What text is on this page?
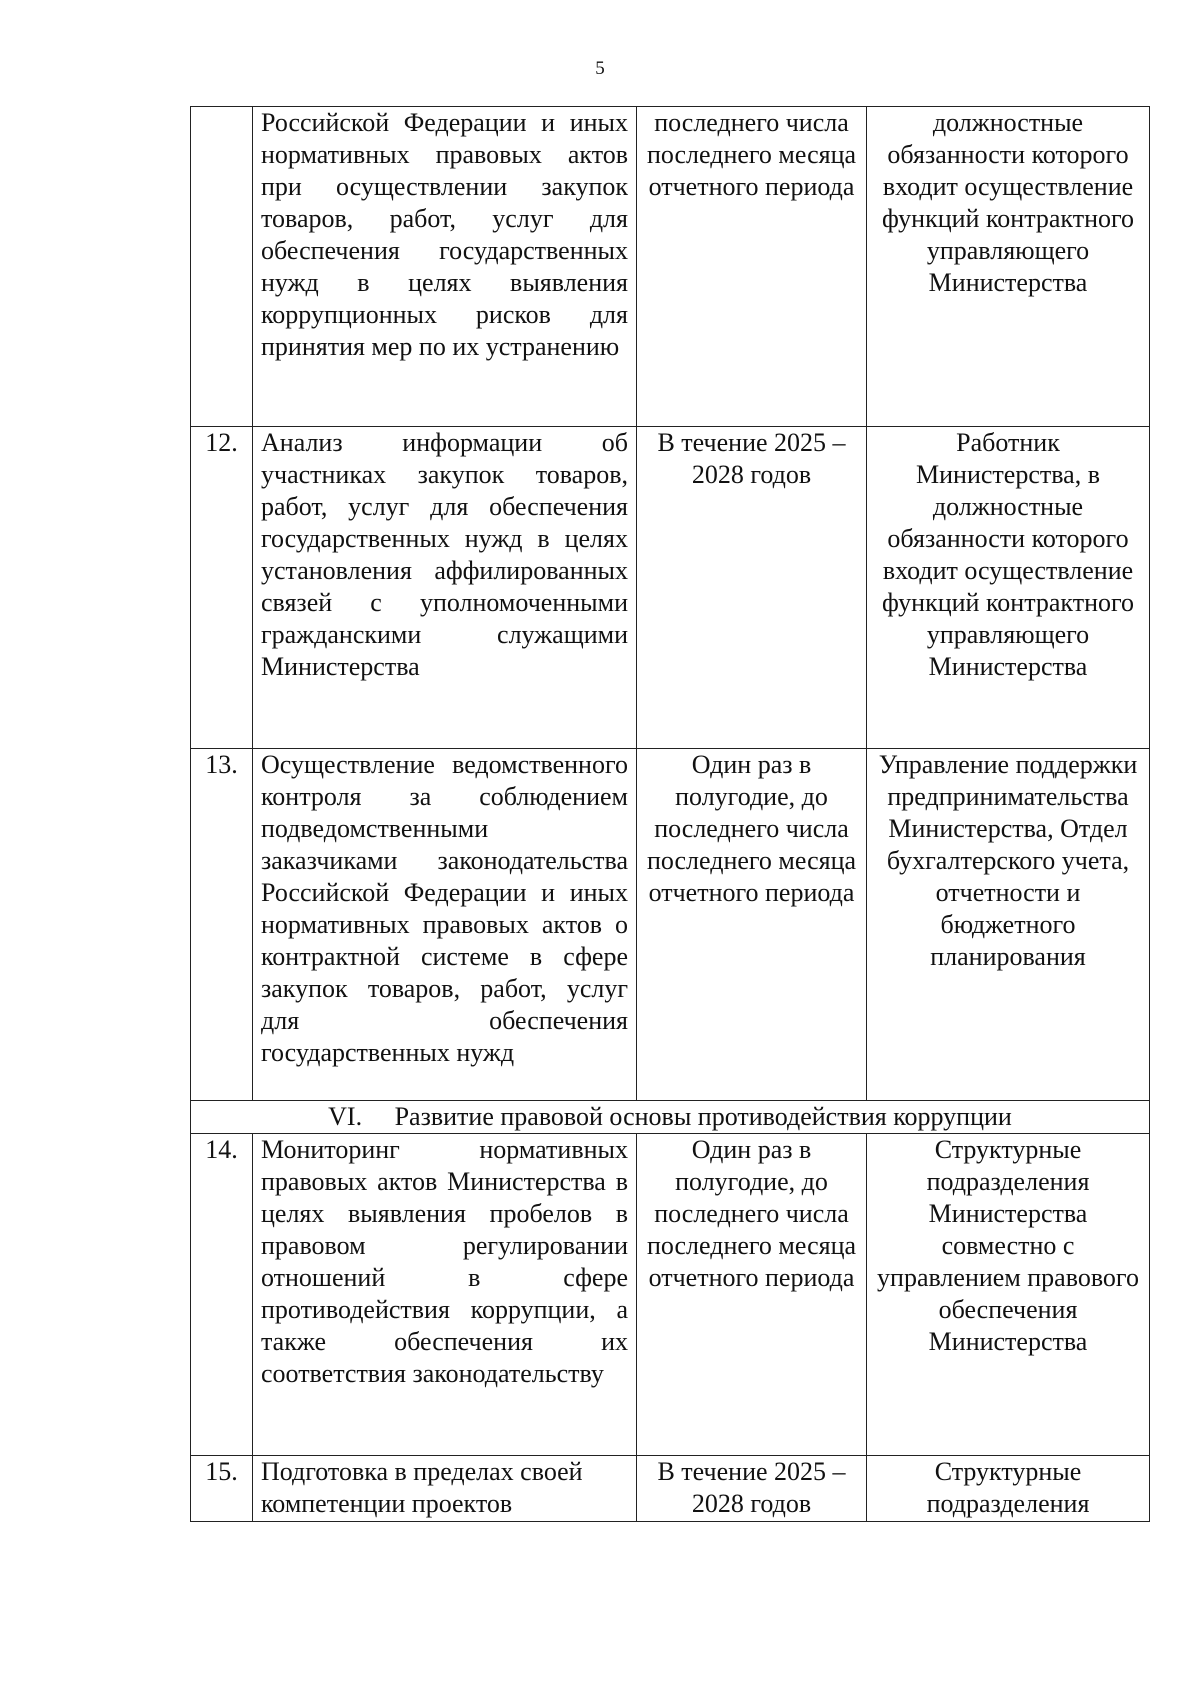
5
	Российской Федерации и иных нормативных правовых актов при осуществлении закупок товаров, работ, услуг для обеспечения государственных нужд в целях выявления коррупционных рисков для принятия мер по их устранению	последнего числа последнего месяца отчетного периода	должностные обязанности которого входит осуществление функций контрактного управляющего Министерства
12.	Анализ информации об участниках закупок товаров, работ, услуг для обеспечения государственных нужд в целях установления аффилированных связей с уполномоченными гражданскими служащими Министерства	В течение 2025 – 2028 годов	Работник Министерства, в должностные обязанности которого входит осуществление функций контрактного управляющего Министерства
13.	Осуществление ведомственного контроля за соблюдением подведомственными заказчиками законодательства Российской Федерации и иных нормативных правовых актов о контрактной системе в сфере закупок товаров, работ, услуг для обеспечения государственных нужд	Один раз в полугодие, до последнего числа последнего месяца отчетного периода	Управление поддержки предпринимательства Министерства, Отдел бухгалтерского учета, отчетности и бюджетного планирования
VI. Развитие правовой основы противодействия коррупции			
14.	Мониторинг нормативных правовых актов Министерства в целях выявления пробелов в правовом регулировании отношений в сфере противодействия коррупции, а также обеспечения их соответствия законодательству	Один раз в полугодие, до последнего числа последнего месяца отчетного периода	Структурные подразделения Министерства совместно с управлением правового обеспечения Министерства
15.	Подготовка в пределах своей компетенции проектов	В течение 2025 – 2028 годов	Структурные подразделения
